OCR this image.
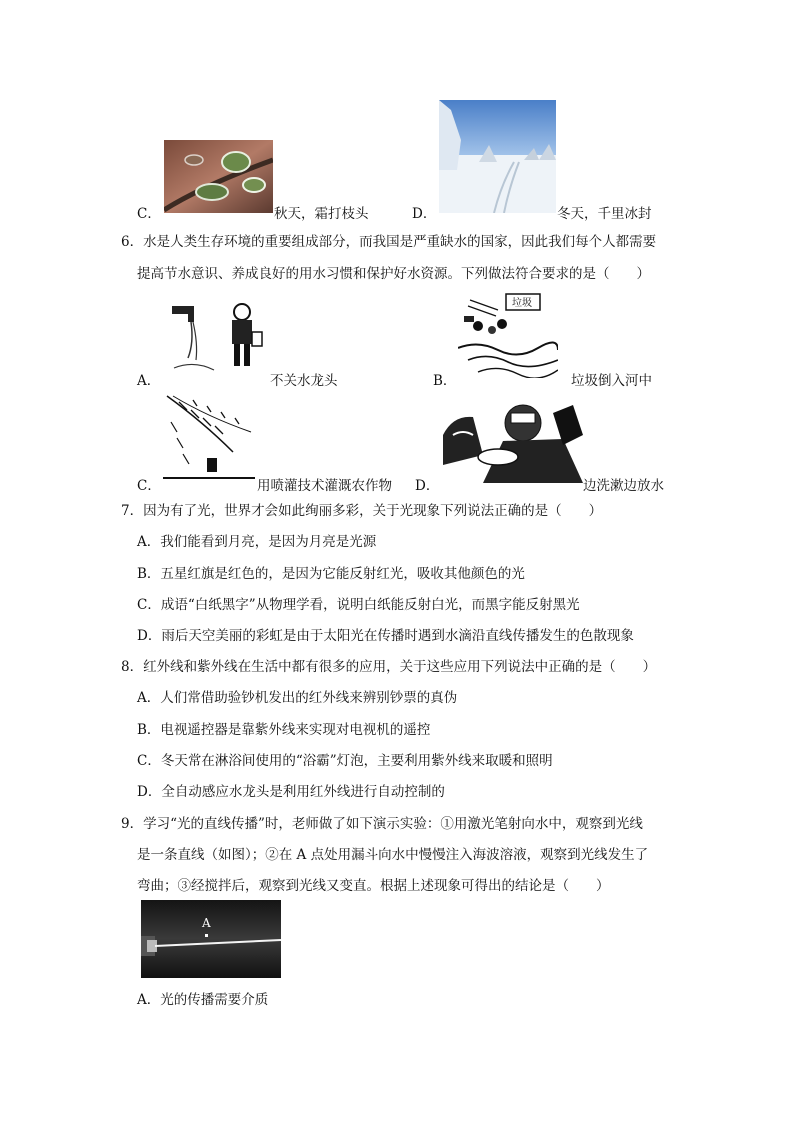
C．	秋天，霜打枝头	D．	冬天，千里冰封
6．水是人类生存环境的重要组成部分，而我国是严重缺水的国家，因此我们每个人都需要
提高节水意识、养成良好的用水习惯和保护好水资源。下列做法符合要求的是（　　）
A．	不关水龙头
垃圾
B．	垃圾倒入河中
C．	用喷灌技术灌溉农作物 D．	边洗漱边放水
7．因为有了光，世界才会如此绚丽多彩，关于光现象下列说法正确的是（　　）
A．我们能看到月亮，是因为月亮是光源
B．五星红旗是红色的，是因为它能反射红光，吸收其他颜色的光
C．成语“白纸黑字”从物理学看，说明白纸能反射白光，而黑字能反射黑光
D．雨后天空美丽的彩虹是由于太阳光在传播时遇到水滴沿直线传播发生的色散现象
8．红外线和紫外线在生活中都有很多的应用，关于这些应用下列说法中正确的是（　　）
A．人们常借助验钞机发出的红外线来辨别钞票的真伪
B．电视遥控器是靠紫外线来实现对电视机的遥控
C．冬天常在淋浴间使用的“浴霸”灯泡，主要利用紫外线来取暖和照明
D．全自动感应水龙头是利用红外线进行自动控制的
9．学习“光的直线传播”时，老师做了如下演示实验：①用激光笔射向水中，观察到光线
是一条直线（如图）；②在 A 点处用漏斗向水中慢慢注入海波溶液，观察到光线发生了
弯曲；③经搅拌后，观察到光线又变直。根据上述现象可得出的结论是（　　）
A
A．光的传播需要介质
